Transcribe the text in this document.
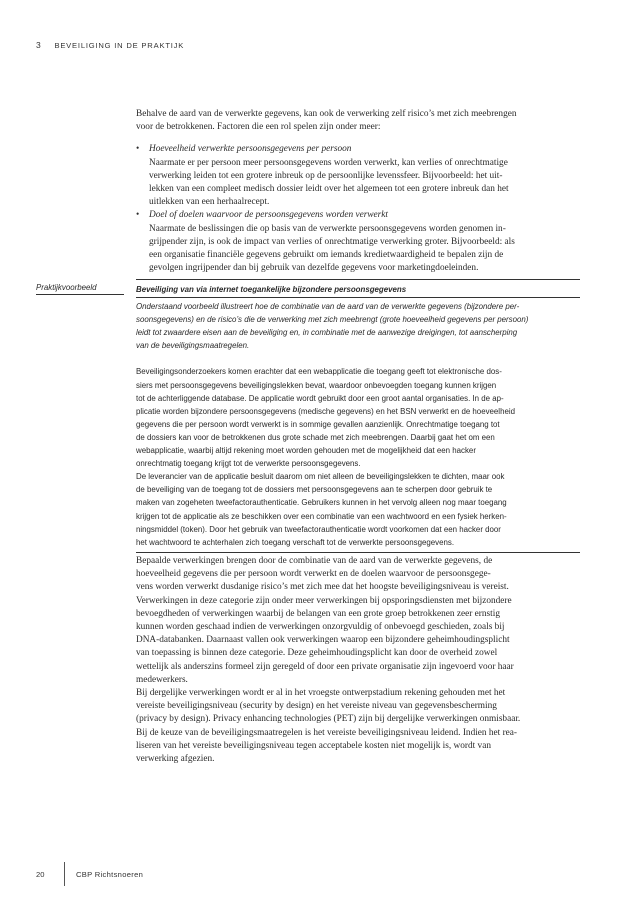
3 BEVEILIGING IN DE PRAKTIJK
Behalve de aard van de verwerkte gegevens, kan ook de verwerking zelf risico’s met zich meebrengen
voor de betrokkenen. Factoren die een rol spelen zijn onder meer:
• Hoeveelheid verwerkte persoonsgegevens per persoon
Naarmate er per persoon meer persoonsgegevens worden verwerkt, kan verlies of onrechtmatige
verwerking leiden tot een grotere inbreuk op de persoonlijke levenssfeer. Bijvoorbeeld: het uit-
lekken van een compleet medisch dossier leidt over het algemeen tot een grotere inbreuk dan het
uitlekken van een herhaalrecept.
• Doel of doelen waarvoor de persoonsgegevens worden verwerkt
Naarmate de beslissingen die op basis van de verwerkte persoonsgegevens worden genomen in-
grijpender zijn, is ook de impact van verlies of onrechtmatige verwerking groter. Bijvoorbeeld: als
een organisatie financiële gegevens gebruikt om iemands kredietwaardigheid te bepalen zijn de
gevolgen ingrijpender dan bij gebruik van dezelfde gegevens voor marketingdoeleinden.
Praktijkvoorbeeld	Beveiliging van via internet toegankelijke bijzondere persoonsgegevens
Onderstaand voorbeeld illustreert hoe de combinatie van de aard van de verwerkte gegevens (bijzondere per-
soonsgegevens) en de risico’s die de verwerking met zich meebrengt (grote hoeveelheid gegevens per persoon)
leidt tot zwaardere eisen aan de beveiliging en, in combinatie met de aanwezige dreigingen, tot aanscherping
van de beveiligingsmaatregelen.
Beveiligingsonderzoekers komen erachter dat een webapplicatie die toegang geeft tot elektronische dos-
siers met persoonsgegevens beveiligingslekken bevat, waardoor onbevoegden toegang kunnen krijgen
tot de achterliggende database. De applicatie wordt gebruikt door een groot aantal organisaties. In de ap-
plicatie worden bijzondere persoonsgegevens (medische gegevens) en het BSN verwerkt en de hoeveelheid
gegevens die per persoon wordt verwerkt is in sommige gevallen aanzienlijk. Onrechtmatige toegang tot
de dossiers kan voor de betrokkenen dus grote schade met zich meebrengen. Daarbij gaat het om een
webapplicatie, waarbij altijd rekening moet worden gehouden met de mogelijkheid dat een hacker
onrechtmatig toegang krijgt tot de verwerkte persoonsgegevens.
De leverancier van de applicatie besluit daarom om niet alleen de beveiligingslekken te dichten, maar ook
de beveiliging van de toegang tot de dossiers met persoonsgegevens aan te scherpen door gebruik te
maken van zogeheten tweefactorauthenticatie. Gebruikers kunnen in het vervolg alleen nog maar toegang
krijgen tot de applicatie als ze beschikken over een combinatie van een wachtwoord en een fysiek herken-
ningsmiddel (token). Door het gebruik van tweefactorauthenticatie wordt voorkomen dat een hacker door
het wachtwoord te achterhalen zich toegang verschaft tot de verwerkte persoonsgegevens.
Bepaalde verwerkingen brengen door de combinatie van de aard van de verwerkte gegevens, de
hoeveelheid gegevens die per persoon wordt verwerkt en de doelen waarvoor de persoonsgege-
vens worden verwerkt dusdanige risico’s met zich mee dat het hoogste beveiligingsniveau is vereist.
Verwerkingen in deze categorie zijn onder meer verwerkingen bij opsporingsdiensten met bijzondere
bevoegdheden of verwerkingen waarbij de belangen van een grote groep betrokkenen zeer ernstig
kunnen worden geschaad indien de verwerkingen onzorgvuldig of onbevoegd geschieden, zoals bij
DNA-databanken. Daarnaast vallen ook verwerkingen waarop een bijzondere geheimhoudingsplicht
van toepassing is binnen deze categorie. Deze geheimhoudingsplicht kan door de overheid zowel
wettelijk als anderszins formeel zijn geregeld of door een private organisatie zijn ingevoerd voor haar
medewerkers.
Bij dergelijke verwerkingen wordt er al in het vroegste ontwerpstadium rekening gehouden met het
vereiste beveiligingsniveau (security by design) en het vereiste niveau van gegevensbescherming
(privacy by design). Privacy enhancing technologies (PET) zijn bij dergelijke verwerkingen onmisbaar.
Bij de keuze van de beveiligingsmaatregelen is het vereiste beveiligingsniveau leidend. Indien het rea-
liseren van het vereiste beveiligingsniveau tegen acceptabele kosten niet mogelijk is, wordt van
verwerking afgezien.
20	CBP Richtsnoeren
